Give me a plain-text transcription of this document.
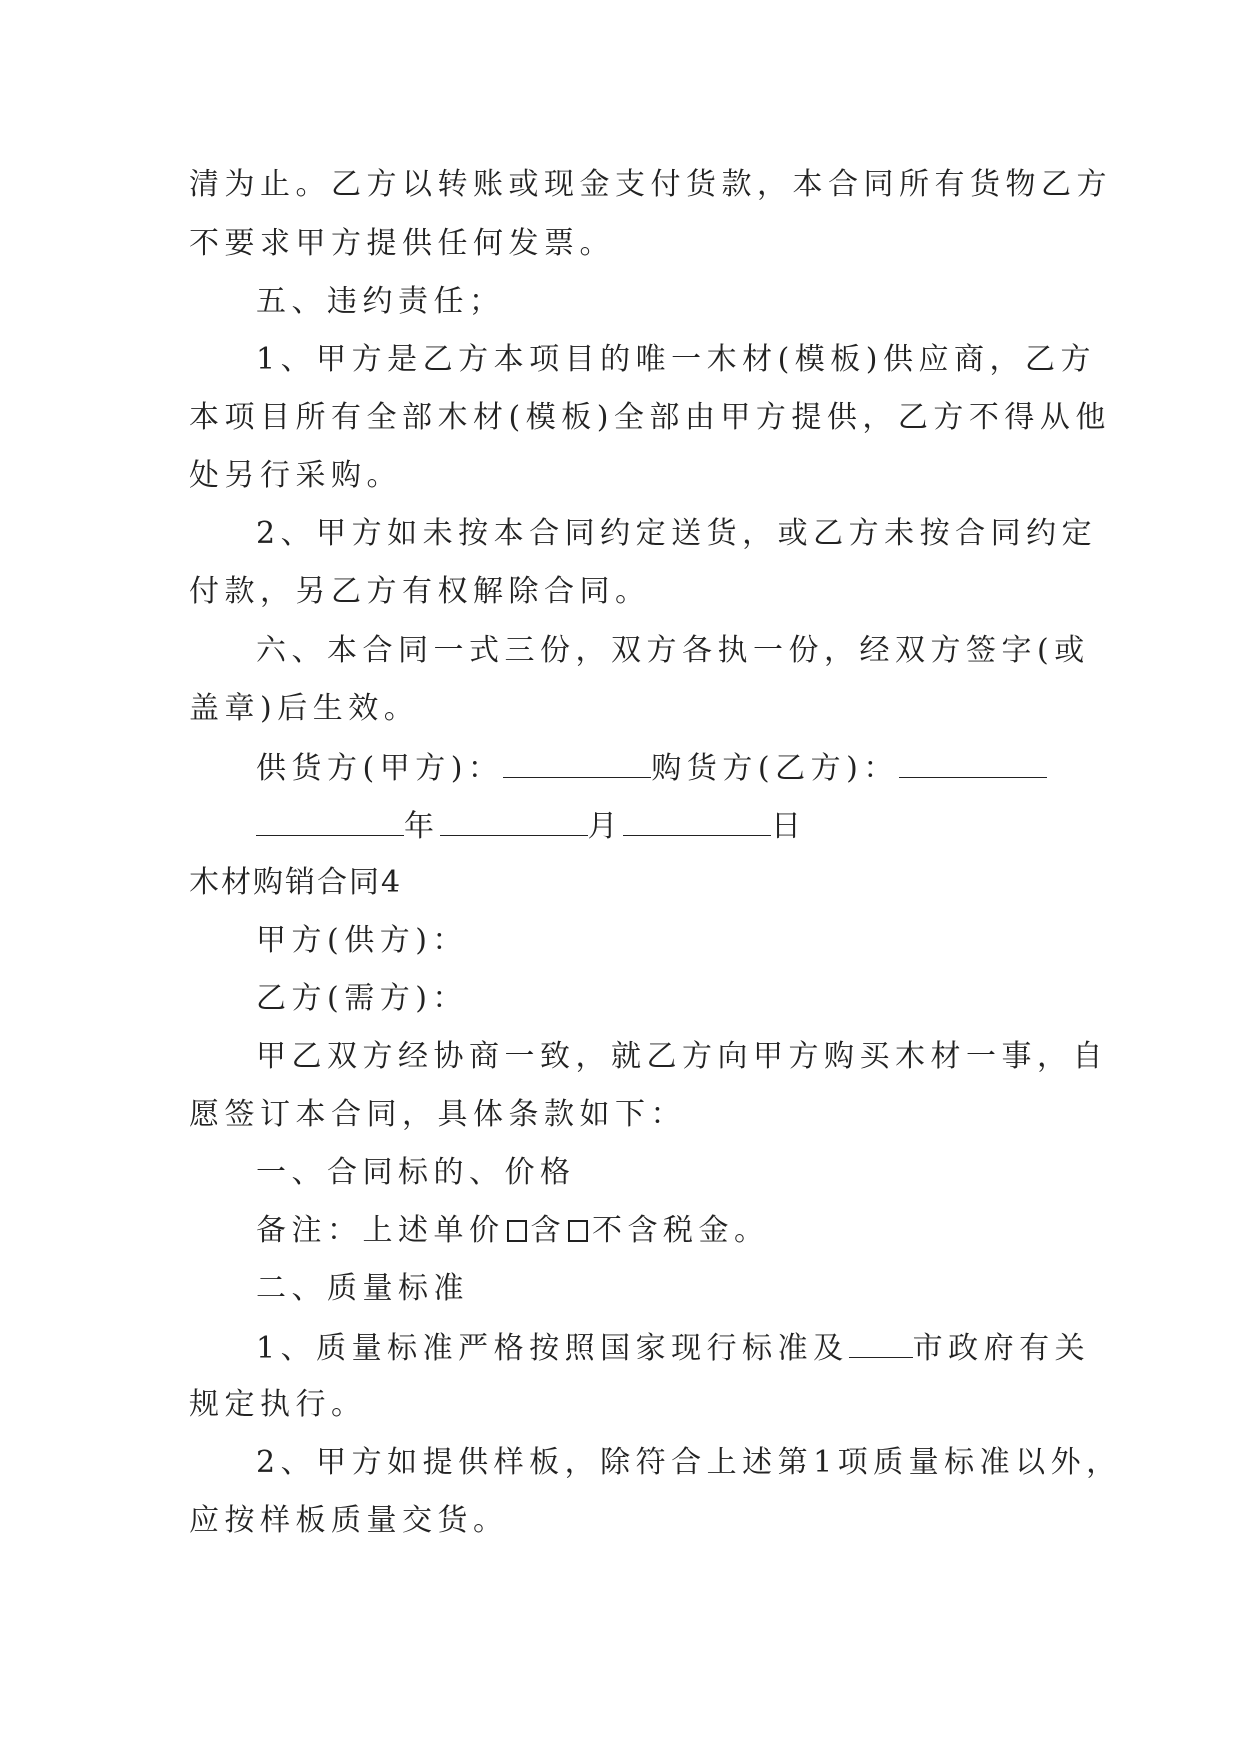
清为止。乙方以转账或现金支付货款，本合同所有货物乙方
不要求甲方提供任何发票。
五、违约责任；
1、甲方是乙方本项目的唯一木材(模板)供应商，乙方
本项目所有全部木材(模板)全部由甲方提供，乙方不得从他
处另行采购。
2、甲方如未按本合同约定送货，或乙方未按合同约定
付款，另乙方有权解除合同。
六、本合同一式三份，双方各执一份，经双方签字(或
盖章)后生效。
供货方(甲方)：	购货方(乙方)：
年	月	日
木材购销合同4
甲方(供方)：
乙方(需方)：
甲乙双方经协商一致，就乙方向甲方购买木材一事，自
愿签订本合同，具体条款如下：
一、合同标的、价格
备注：上述单价 含 不含税金。
二、质量标准
1、质量标准严格按照国家现行标准及 市政府有关
规定执行。
2、甲方如提供样板，除符合上述第1项质量标准以外，
应按样板质量交货。
